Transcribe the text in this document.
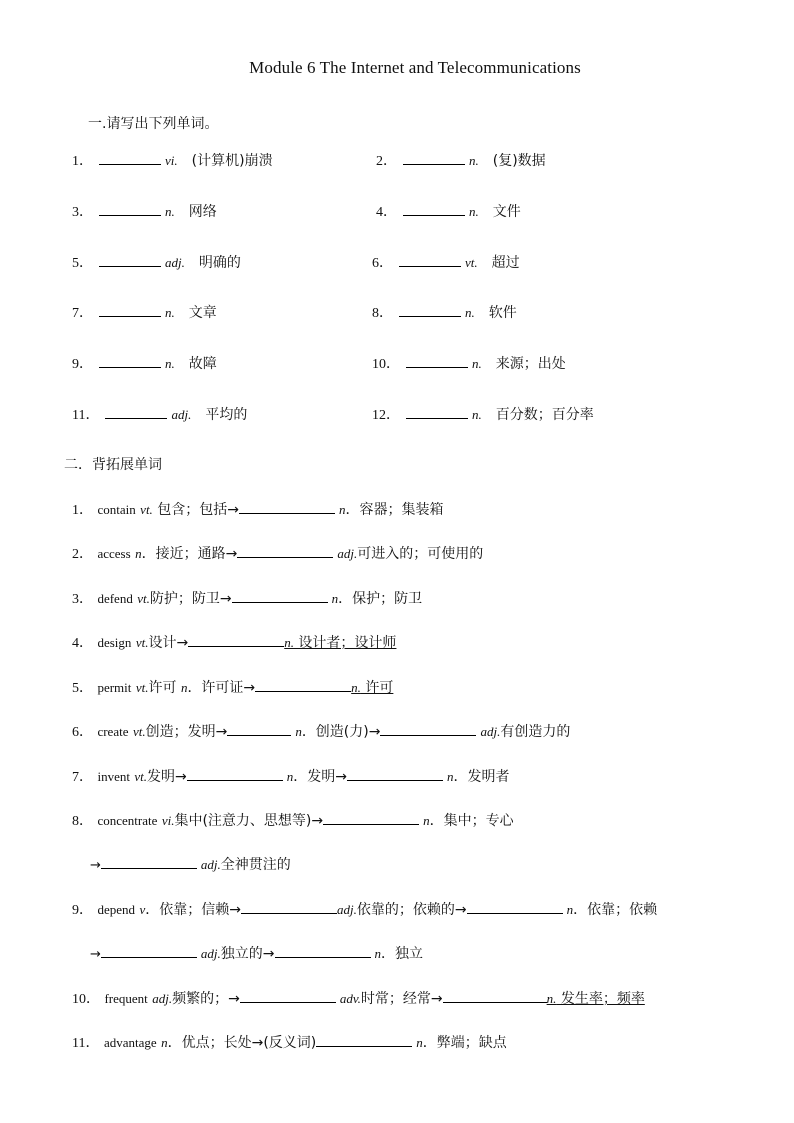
Module 6 The Internet and Telecommunications
一.请写出下列单词。
1．	vi. (计算机)崩溃	2．	n. (复)数据
3．	n. 网络	4．	n. 文件
5．	adj. 明确的	6．	vt. 超过
7．	n. 文章	8．	n. 软件
9．	n. 故障	10．	n. 来源；出处
11．	adj. 平均的	12．	n. 百分数；百分率
二．背拓展单词
1． contain vt. 包含；包括→	n．容器；集装箱
2． access n．接近；通路→	adj.可进入的；可使用的
3． defend vt.防护；防卫→	n．保护；防卫
4． design vt.设计→	n. 设计者；设计师
5． permit vt.许可 n．许可证→	n. 许可
6． create vt.创造；发明→	n．创造(力)→	adj.有创造力的
7． invent vt.发明→	n．发明→	n．发明者
8． concentrate vi.集中(注意力、思想等)→	n．集中；专心
→	adj.全神贯注的
9． depend v．依靠；信赖→	adj.依靠的；依赖的→	n．依靠；依赖
→	adj.独立的→	n．独立
10． frequent adj.频繁的；→	adv.时常；经常→	n. 发生率；频率
11． advantage n．优点；长处→(反义词)	n．弊端；缺点
